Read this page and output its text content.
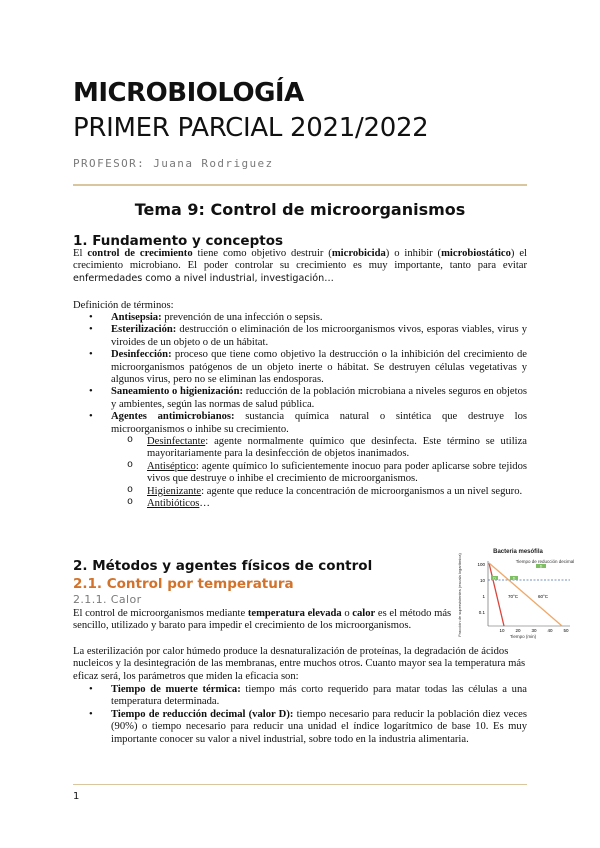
MICROBIOLOGÍA
PRIMER PARCIAL 2021/2022
PROFESOR: Juana Rodriguez
Tema 9: Control de microorganismos
1. Fundamento y conceptos
El control de crecimiento tiene como objetivo destruir (microbicida) o inhibir (microbiostático) el crecimiento microbiano. El poder controlar su crecimiento es muy importante, tanto para evitar enfermedades como a nivel industrial, investigación…
Definición de términos:
• Antisepsia: prevención de una infección o sepsis.
• Esterilización: destrucción o eliminación de los microorganismos vivos, esporas viables, virus y viroides de un objeto o de un hábitat.
• Desinfección: proceso que tiene como objetivo la destrucción o la inhibición del crecimiento de microorganismos patógenos de un objeto inerte o hábitat. Se destruyen células vegetativas y algunos virus, pero no se eliminan las endosporas.
• Saneamiento o higienización: reducción de la población microbiana a niveles seguros en objetos y ambientes, según las normas de salud pública.
• Agentes antimicrobianos: sustancia química natural o sintética que destruye los microorganismos o inhibe su crecimiento.
o Desinfectante: agente normalmente químico que desinfecta. Este término se utiliza mayoritariamente para la desinfección de objetos inanimados.
o Antiséptico: agente químico lo suficientemente inocuo para poder aplicarse sobre tejidos vivos que destruye o inhibe el crecimiento de microorganismos.
o Higienizante: agente que reduce la concentración de microorganismos a un nivel seguro.
o Antibióticos…
2. Métodos y agentes físicos de control
2.1. Control por temperatura
2.1.1. Calor
El control de microorganismos mediante temperatura elevada o calor es el método más sencillo, utilizado y barato para impedir el crecimiento de los microorganismos.
Bacteria mesófila
Tiempo de reducción decimal
Fracción de supervivientes (escala logarítmica)	Tiempo (min)
100
10
1
0.1
10 20 30 40 50
70°C	60°C
D	D
D
La esterilización por calor húmedo produce la desnaturalización de proteínas, la degradación de ácidos nucleicos y la desintegración de las membranas, entre muchos otros. Cuanto mayor sea la temperatura más eficaz será, los parámetros que miden la eficacia son:
• Tiempo de muerte térmica: tiempo más corto requerido para matar todas las células a una temperatura determinada.
• Tiempo de reducción decimal (valor D): tiempo necesario para reducir la población diez veces (90%) o tiempo necesario para reducir una unidad el índice logarítmico de base 10. Es muy importante conocer su valor a nivel industrial, sobre todo en la industria alimentaria.
1
